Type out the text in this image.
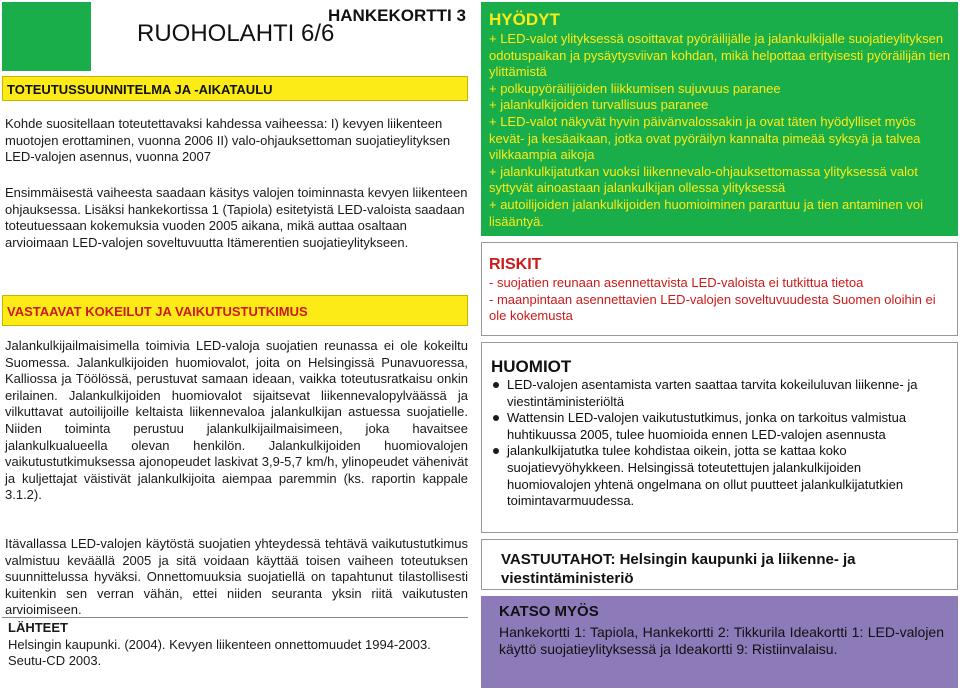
HANKEKORTTI 3
RUOHOLAHTI 6/6
TOTEUTUSSUUNNITELMA JA -AIKATAULU
Kohde suositellaan toteutettavaksi kahdessa vaiheessa: I) kevyen liikenteen muotojen erottaminen, vuonna 2006 II) valo-ohjauksettoman suojatieylityksen LED-valojen asennus, vuonna 2007
Ensimmäisestä vaiheesta saadaan käsitys valojen toiminnasta kevyen liikenteen ohjauksessa. Lisäksi hankekortissa 1 (Tapiola) esitetyistä LED-valoista saadaan toteutuessaan kokemuksia vuoden 2005 aikana, mikä auttaa osaltaan arvioimaan LED-valojen soveltuvuutta Itämerentien suojatieylitykseen.
VASTAAVAT KOKEILUT JA VAIKUTUSTUTKIMUS
Jalankulkijailmaisimella toimivia LED-valoja suojatien reunassa ei ole kokeiltu Suomessa. Jalankulkijoiden huomiovalot, joita on Helsingissä Punavuoressa, Kalliossa ja Töölössä, perustuvat samaan ideaan, vaikka toteutusratkaisu onkin erilainen. Jalankulkijoiden huomiovalot sijaitsevat liikennevalopylväässä ja vilkuttavat autoilijoille keltaista liikennevaloa jalankulkijan astuessa suojatielle. Niiden toiminta perustuu jalankulkijailmaisimeen, joka havaitsee jalankulkualueella olevan henkilön. Jalankulkijoiden huomiovalojen vaikutustutkimuksessa ajonopeudet laskivat 3,9-5,7 km/h, ylinopeudet vähenivät ja kuljettajat väistivät jalankulkijoita aiempaa paremmin (ks. raportin kappale 3.1.2).
Itävallassa LED-valojen käytöstä suojatien yhteydessä tehtävä vaikutustutkimus valmistuu keväällä 2005 ja sitä voidaan käyttää toisen vaiheen toteutuksen suunnittelussa hyväksi. Onnettomuuksia suojatiellä on tapahtunut tilastollisesti kuitenkin sen verran vähän, ettei niiden seuranta yksin riitä vaikutusten arvioimiseen.
LÄHTEET
Helsingin kaupunki. (2004). Kevyen liikenteen onnettomuudet 1994-2003.
Seutu-CD 2003.
HYÖDYT
+ LED-valot ylityksessä osoittavat pyöräilijälle ja jalankulkijalle suojatieylityksen odotuspaikan ja pysäytysviivan kohdan, mikä helpottaa erityisesti pyöräilijän tien ylittämistä
+ polkupyöräilijöiden liikkumisen sujuvuus paranee
+ jalankulkijoiden turvallisuus paranee
+ LED-valot näkyvät hyvin päivänvalossakin ja ovat täten hyödylliset myös kevät- ja kesäaikaan, jotka ovat pyöräilyn kannalta pimeää syksyä ja talvea vilkkaampia aikoja
+ jalankulkijatutkan vuoksi liikennevalo-ohjauksettomassa ylityksessä valot syttyvät ainoastaan jalankulkijan ollessa ylityksessä
+ autoilijoiden jalankulkijoiden huomioiminen parantuu ja tien antaminen voi lisääntyä.
RISKIT
- suojatien reunaan asennettavista LED-valoista ei tutkittua tietoa
- maanpintaan asennettavien LED-valojen soveltuvuudesta Suomen oloihin ei ole kokemusta
HUOMIOT
LED-valojen asentamista varten saattaa tarvita kokeiluluvan liikenne- ja viestintäministeriöltä
Wattensin LED-valojen vaikutustutkimus, jonka on tarkoitus valmistua huhtikuussa 2005, tulee huomioida ennen LED-valojen asennusta
jalankulkijatutka tulee kohdistaa oikein, jotta se kattaa koko suojatievyöhykkeen. Helsingissä toteutettujen jalankulkijoiden huomiovalojen yhtenä ongelmana on ollut puutteet jalankulkijatutkien toimintavarmuudessa.
VASTUUTAHOT: Helsingin kaupunki ja liikenne- ja viestintäministeriö
KATSO MYÖS
Hankekortti 1: Tapiola, Hankekortti 2: Tikkurila Ideakortti 1: LED-valojen käyttö suojatieylityksessä ja Ideakortti 9: Ristiinvalaisu.
